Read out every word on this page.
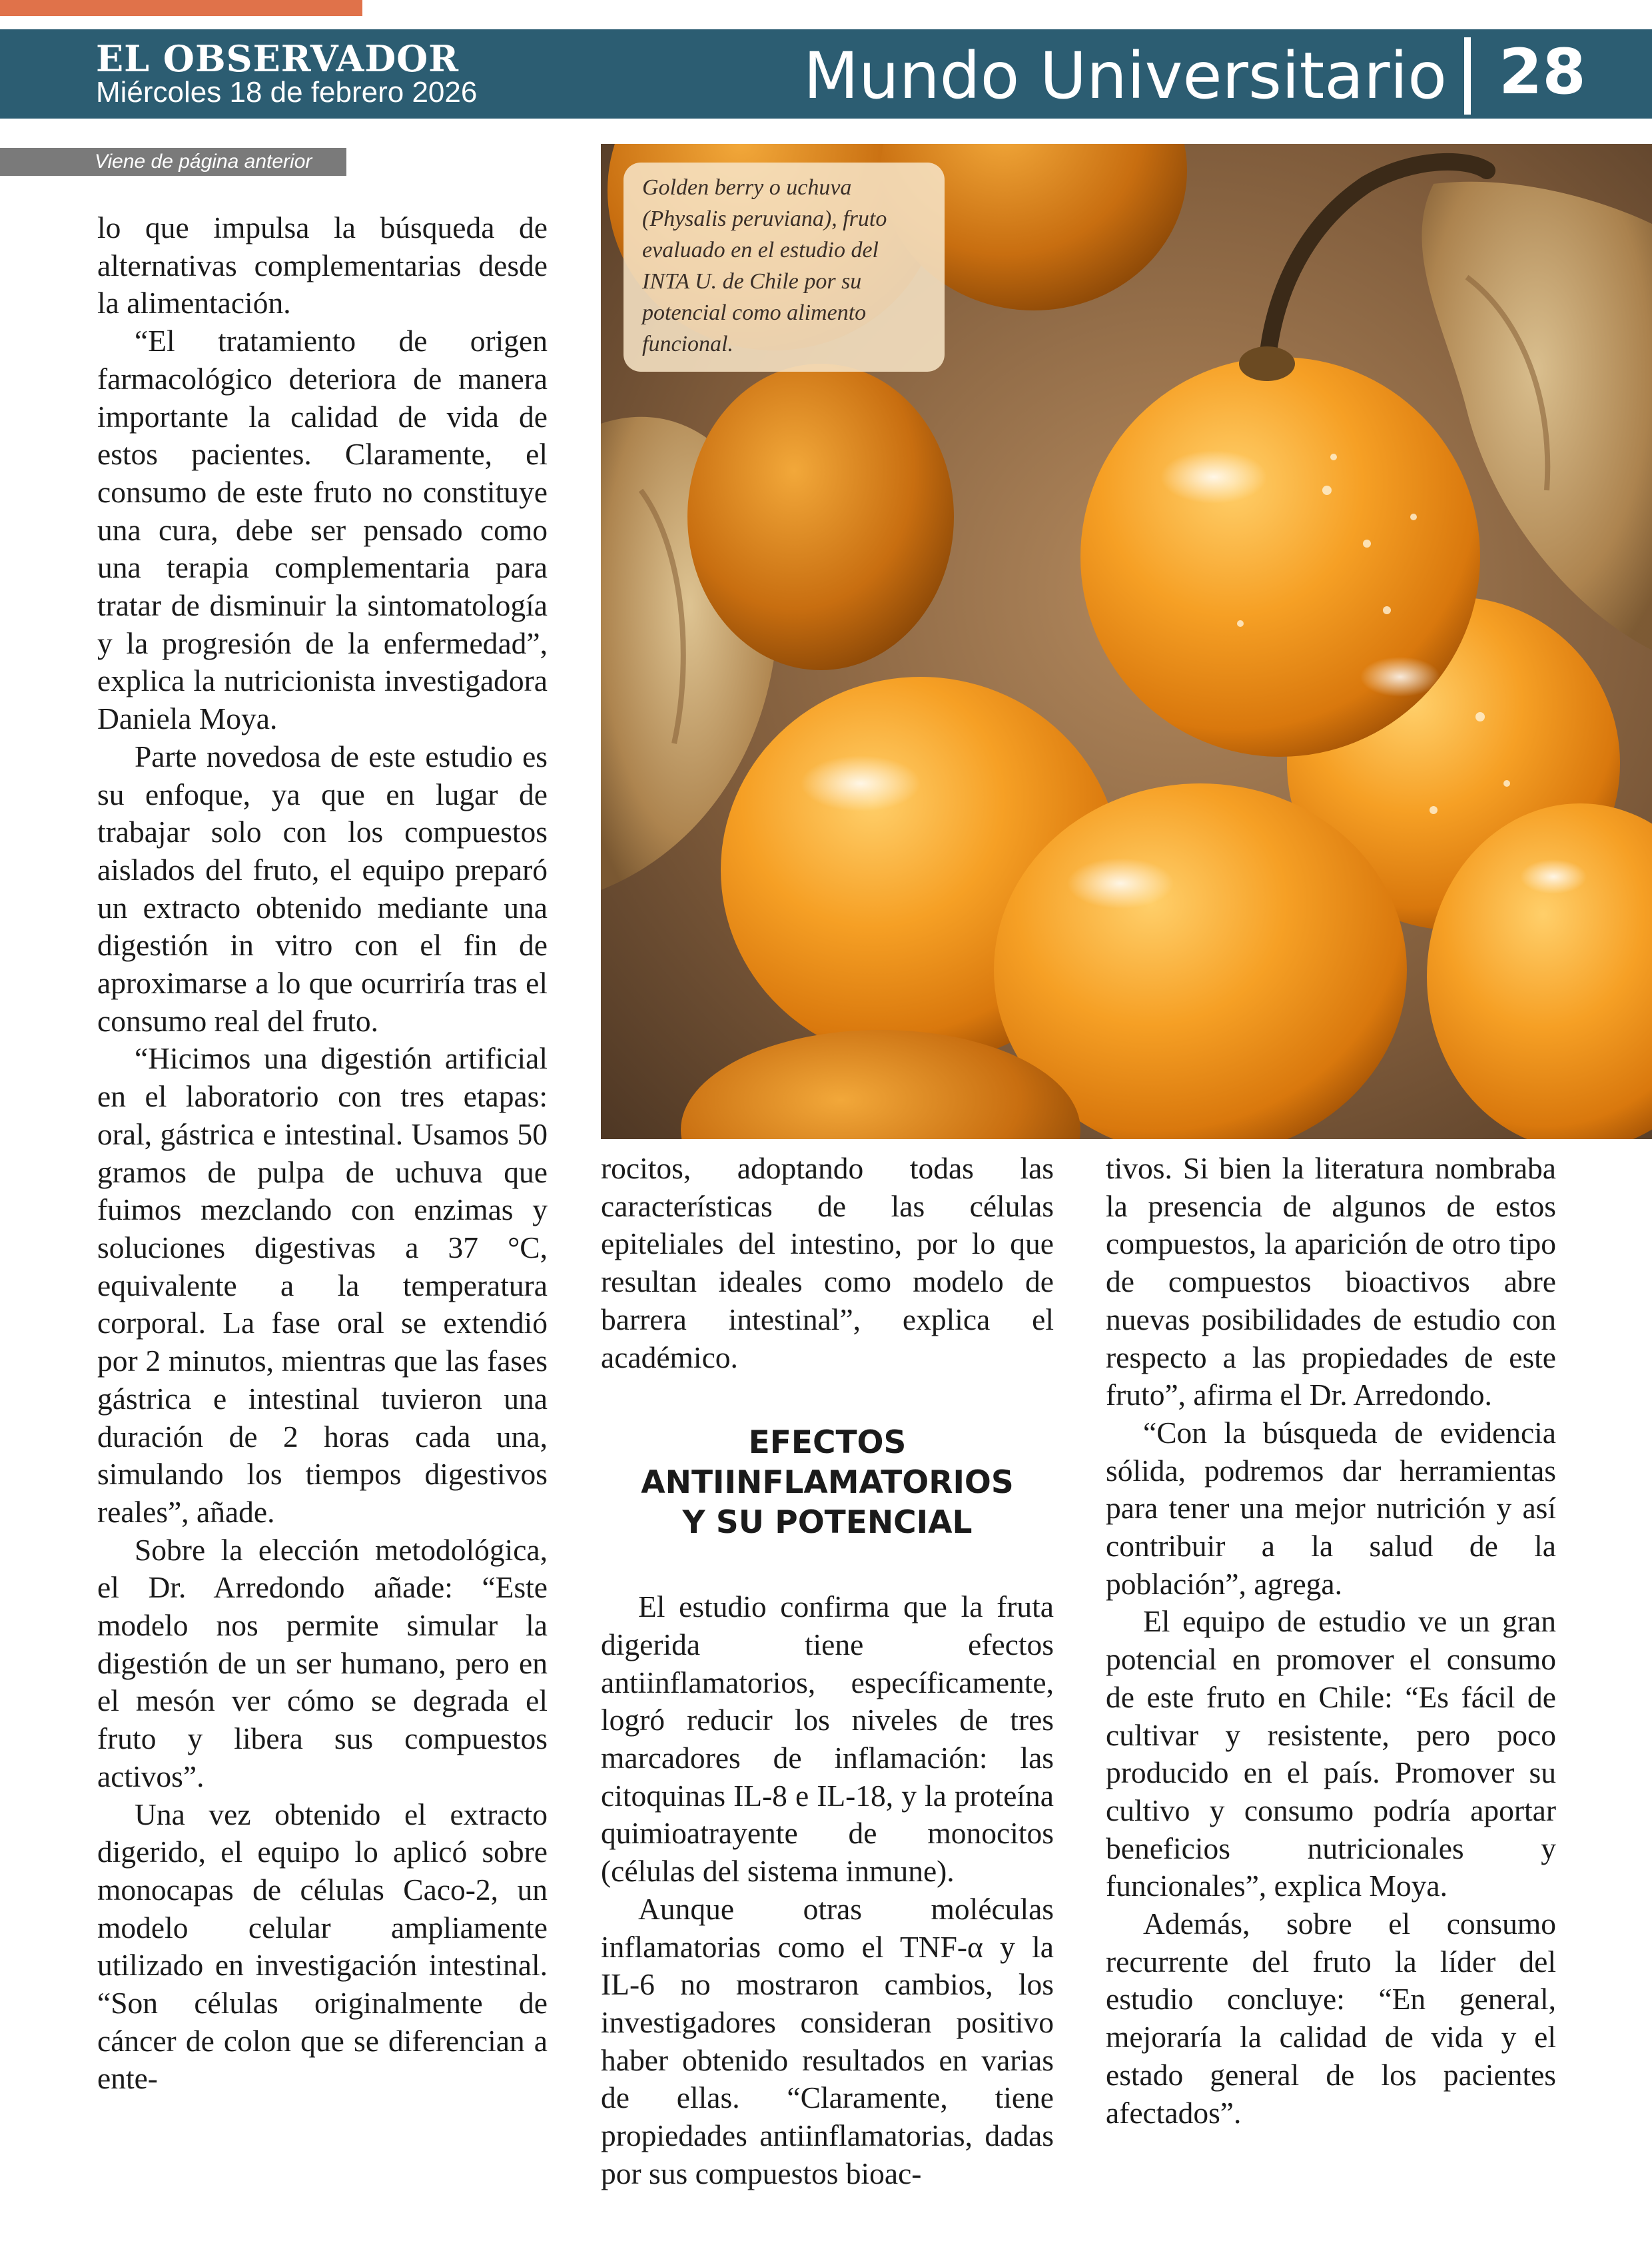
EL OBSERVADOR
Miércoles 18 de febrero 2026	Mundo Universitario 28
Viene de página anterior
Golden berry o uchuva (Physalis peruviana), fruto evaluado en el estudio del INTA U. de Chile por su potencial como alimento funcional.

lo que impulsa la búsqueda de alternativas complementarias desde la alimentación.

“El tratamiento de origen farmacológico deteriora de manera importante la calidad de vida de estos pacientes. Claramente, el consumo de este fruto no constituye una cura, debe ser pensado como una terapia complementaria para tratar de disminuir la sintomatología y la progresión de la enfermedad”, explica la nutricionista investigadora Daniela Moya.

Parte novedosa de este estudio es su enfoque, ya que en lugar de trabajar solo con los compuestos aislados del fruto, el equipo preparó un extracto obtenido mediante una digestión in vitro con el fin de aproximarse a lo que ocurriría tras el consumo real del fruto.

“Hicimos una digestión artificial en el laboratorio con tres etapas: oral, gástrica e intestinal. Usamos 50 gramos de pulpa de uchuva que fuimos mezclando con enzimas y soluciones digestivas a 37 °C, equivalente a la temperatura corporal. La fase oral se extendió por 2 minutos, mientras que las fases gástrica e intestinal tuvieron una duración de 2 horas cada una, simulando los tiempos digestivos reales”, añade.

Sobre la elección metodológica, el Dr. Arredondo añade: “Este modelo nos permite simular la digestión de un ser humano, pero en el mesón ver cómo se degrada el fruto y libera sus compuestos activos”.

Una vez obtenido el extracto digerido, el equipo lo aplicó sobre monocapas de células Caco-2, un modelo celular ampliamente utilizado en investigación intestinal. “Son células originalmente de cáncer de colon que se diferencian a ente-

rocitos, adoptando todas las características de las células epiteliales del intestino, por lo que resultan ideales como modelo de barrera intestinal”, explica el académico.

EFECTOS
ANTIINFLAMATORIOS
Y SU POTENCIAL

El estudio confirma que la fruta digerida tiene efectos antiinflamatorios, específicamente, logró reducir los niveles de tres marcadores de inflamación: las citoquinas IL-8 e IL-18, y la proteína quimioatrayente de monocitos (células del sistema inmune).

Aunque otras moléculas inflamatorias como el TNF-α y la IL-6 no mostraron cambios, los investigadores consideran positivo haber obtenido resultados en varias de ellas. “Claramente, tiene propiedades antiinflamatorias, dadas por sus compuestos bioac-

tivos. Si bien la literatura nombraba la presencia de algunos de estos compuestos, la aparición de otro tipo de compuestos bioactivos abre nuevas posibilidades de estudio con respecto a las propiedades de este fruto”, afirma el Dr. Arredondo.

“Con la búsqueda de evidencia sólida, podremos dar herramientas para tener una mejor nutrición y así contribuir a la salud de la población”, agrega.

El equipo de estudio ve un gran potencial en promover el consumo de este fruto en Chile: “Es fácil de cultivar y resistente, pero poco producido en el país. Promover su cultivo y consumo podría aportar beneficios nutricionales y funcionales”, explica Moya.

Además, sobre el consumo recurrente del fruto la líder del estudio concluye: “En general, mejoraría la calidad de vida y el estado general de los pacientes afectados”.
